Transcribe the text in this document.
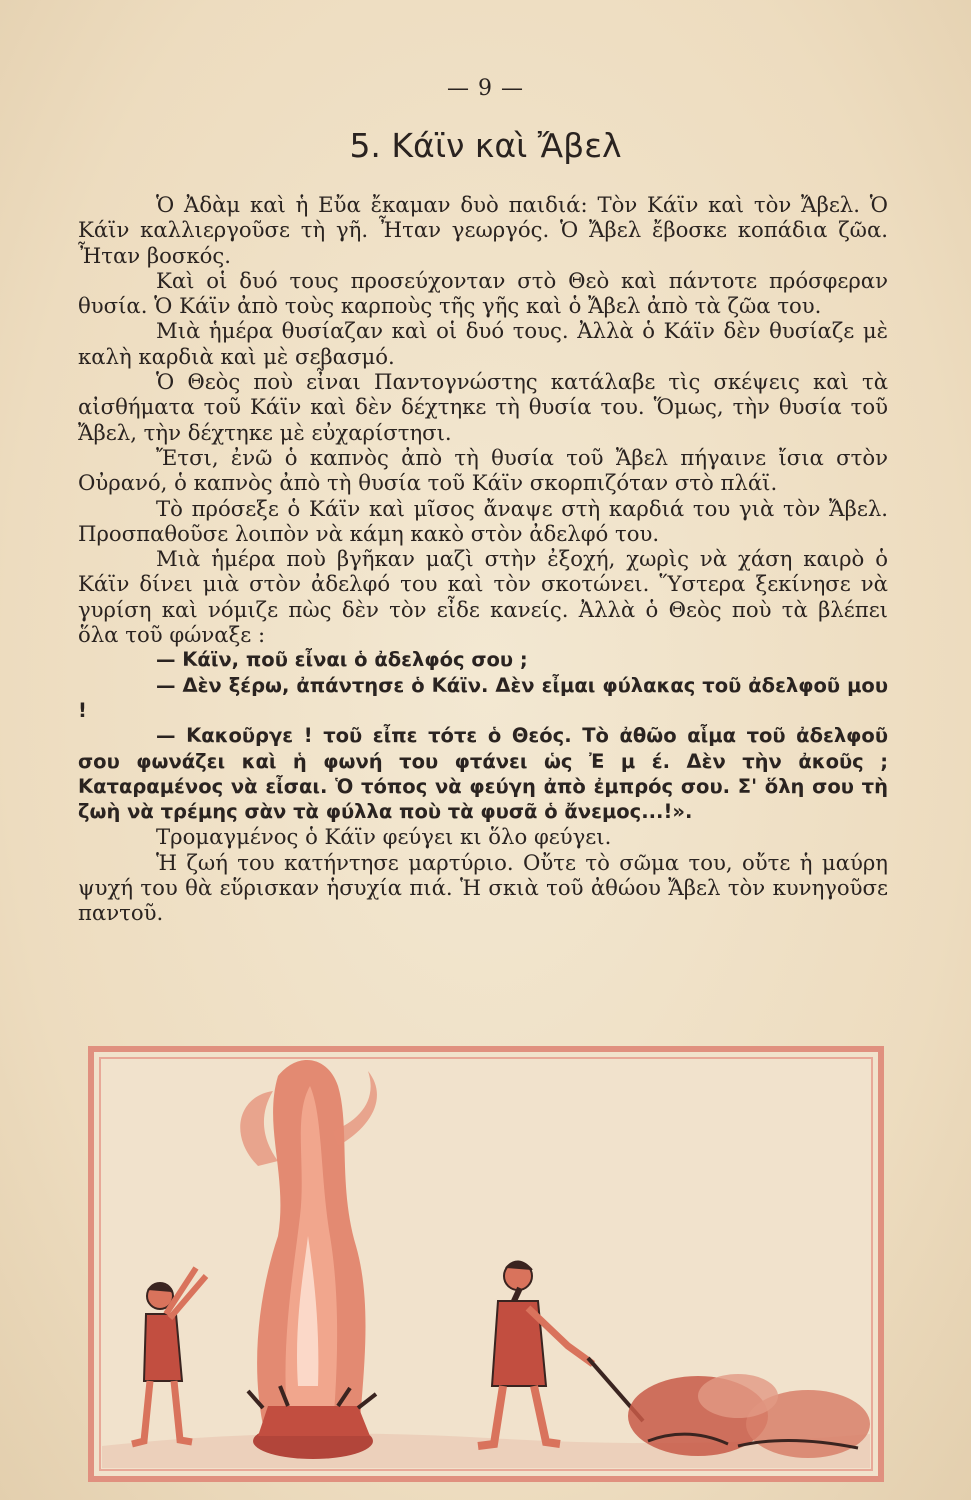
— 9 —
5. Κάϊν καὶ Ἄβελ

Ὁ Ἀδὰμ καὶ ἡ Εὔα ἔκαμαν δυὸ παιδιά: Τὸν Κάϊν καὶ τὸν Ἄβελ. Ὁ Κάϊν καλλιεργοῦσε τὴ γῆ. Ἦταν γεωργός. Ὁ Ἄβελ ἔβοσκε κοπάδια ζῶα. Ἦταν βοσκός.

Καὶ οἱ δυό τους προσεύχονταν στὸ Θεὸ καὶ πάντοτε πρόσφεραν θυσία. Ὁ Κάϊν ἀπὸ τοὺς καρποὺς τῆς γῆς καὶ ὁ Ἄβελ ἀπὸ τὰ ζῶα του.

Μιὰ ἡμέρα θυσίαζαν καὶ οἱ δυό τους. Ἀλλὰ ὁ Κάϊν δὲν θυσίαζε μὲ καλὴ καρδιὰ καὶ μὲ σεβασμό.

Ὁ Θεὸς ποὺ εἶναι Παντογνώστης κατάλαβε τὶς σκέψεις καὶ τὰ αἰσθήματα τοῦ Κάϊν καὶ δὲν δέχτηκε τὴ θυσία του. Ὅμως, τὴν θυσία τοῦ Ἄβελ, τὴν δέχτηκε μὲ εὐχαρίστησι.

Ἔτσι, ἐνῶ ὁ καπνὸς ἀπὸ τὴ θυσία τοῦ Ἄβελ πήγαινε ἴσια στὸν Οὐρανό, ὁ καπνὸς ἀπὸ τὴ θυσία τοῦ Κάϊν σκορπιζόταν στὸ πλάϊ.

Τὸ πρόσεξε ὁ Κάϊν καὶ μῖσος ἄναψε στὴ καρδιά του γιὰ τὸν Ἄβελ. Προσπαθοῦσε λοιπὸν νὰ κάμη κακὸ στὸν ἀδελφό του.

Μιὰ ἡμέρα ποὺ βγῆκαν μαζὶ στὴν ἐξοχή, χωρὶς νὰ χάση καιρὸ ὁ Κάϊν δίνει μιὰ στὸν ἀδελφό του καὶ τὸν σκοτώνει. Ὕστερα ξεκίνησε νὰ γυρίση καὶ νόμιζε πὼς δὲν τὸν εἶδε κανείς. Ἀλλὰ ὁ Θεὸς ποὺ τὰ βλέπει ὅλα τοῦ φώναξε :

— Κάϊν, ποῦ εἶναι ὁ ἀδελφός σου ;

— Δὲν ξέρω, ἀπάντησε ὁ Κάϊν. Δὲν εἶμαι φύλακας τοῦ ἀδελφοῦ μου !

— Κακοῦργε ! τοῦ εἶπε τότε ὁ Θεός. Τὸ ἀθῶο αἷμα τοῦ ἀδελφοῦ σου φωνάζει καὶ ἡ φωνή του φτάνει ὡς Ἐ μ έ. Δὲν τὴν ἀκοῦς ; Καταραμένος νὰ εἶσαι. Ὁ τόπος νὰ φεύγη ἀπὸ ἐμπρός σου. Σ' ὅλη σου τὴ ζωὴ νὰ τρέμης σὰν τὰ φύλλα ποὺ τὰ φυσᾶ ὁ ἄνεμος...!».

Τρομαγμένος ὁ Κάϊν φεύγει κι ὅλο φεύγει.

Ἡ ζωή του κατήντησε μαρτύριο. Οὔτε τὸ σῶμα του, οὔτε ἡ μαύρη ψυχή του θὰ εὕρισκαν ἡσυχία πιά. Ἡ σκιὰ τοῦ ἀθώου Ἄβελ τὸν κυνηγοῦσε παντοῦ.
